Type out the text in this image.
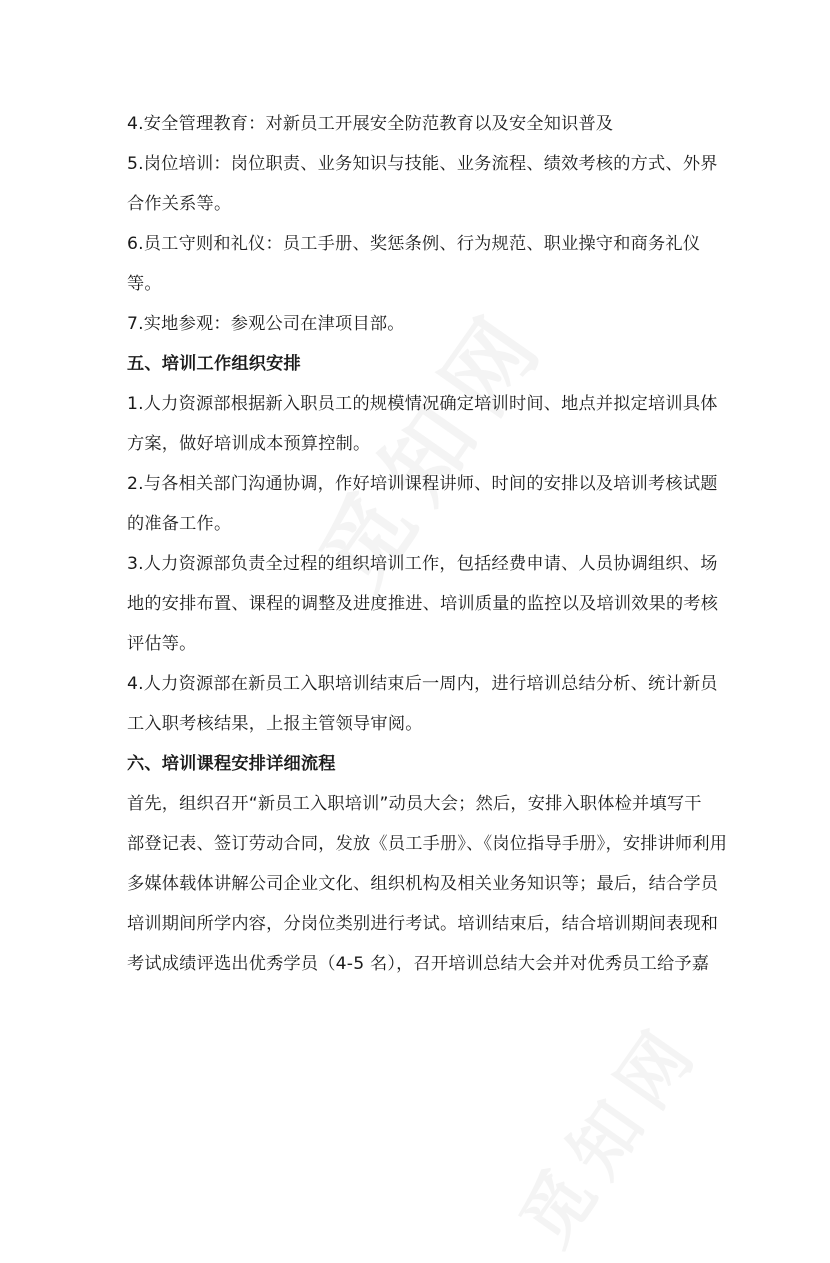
4.安全管理教育：对新员工开展安全防范教育以及安全知识普及
5.岗位培训：岗位职责、业务知识与技能、业务流程、绩效考核的方式、外界
合作关系等。
6.员工守则和礼仪：员工手册、奖惩条例、行为规范、职业操守和商务礼仪
等。
7.实地参观：参观公司在津项目部。
五、培训工作组织安排
1.人力资源部根据新入职员工的规模情况确定培训时间、地点并拟定培训具体
方案，做好培训成本预算控制。
2.与各相关部门沟通协调，作好培训课程讲师、时间的安排以及培训考核试题
的准备工作。
3.人力资源部负责全过程的组织培训工作，包括经费申请、人员协调组织、场
地的安排布置、课程的调整及进度推进、培训质量的监控以及培训效果的考核
评估等。
4.人力资源部在新员工入职培训结束后一周内，进行培训总结分析、统计新员
工入职考核结果，上报主管领导审阅。
六、培训课程安排详细流程
首先，组织召开“新员工入职培训”动员大会；然后，安排入职体检并填写干
部登记表、签订劳动合同，发放《员工手册》、《岗位指导手册》，安排讲师利用
多媒体载体讲解公司企业文化、组织机构及相关业务知识等；最后，结合学员
培训期间所学内容，分岗位类别进行考试。培训结束后，结合培训期间表现和
考试成绩评选出优秀学员（4-5 名），召开培训总结大会并对优秀员工给予嘉
